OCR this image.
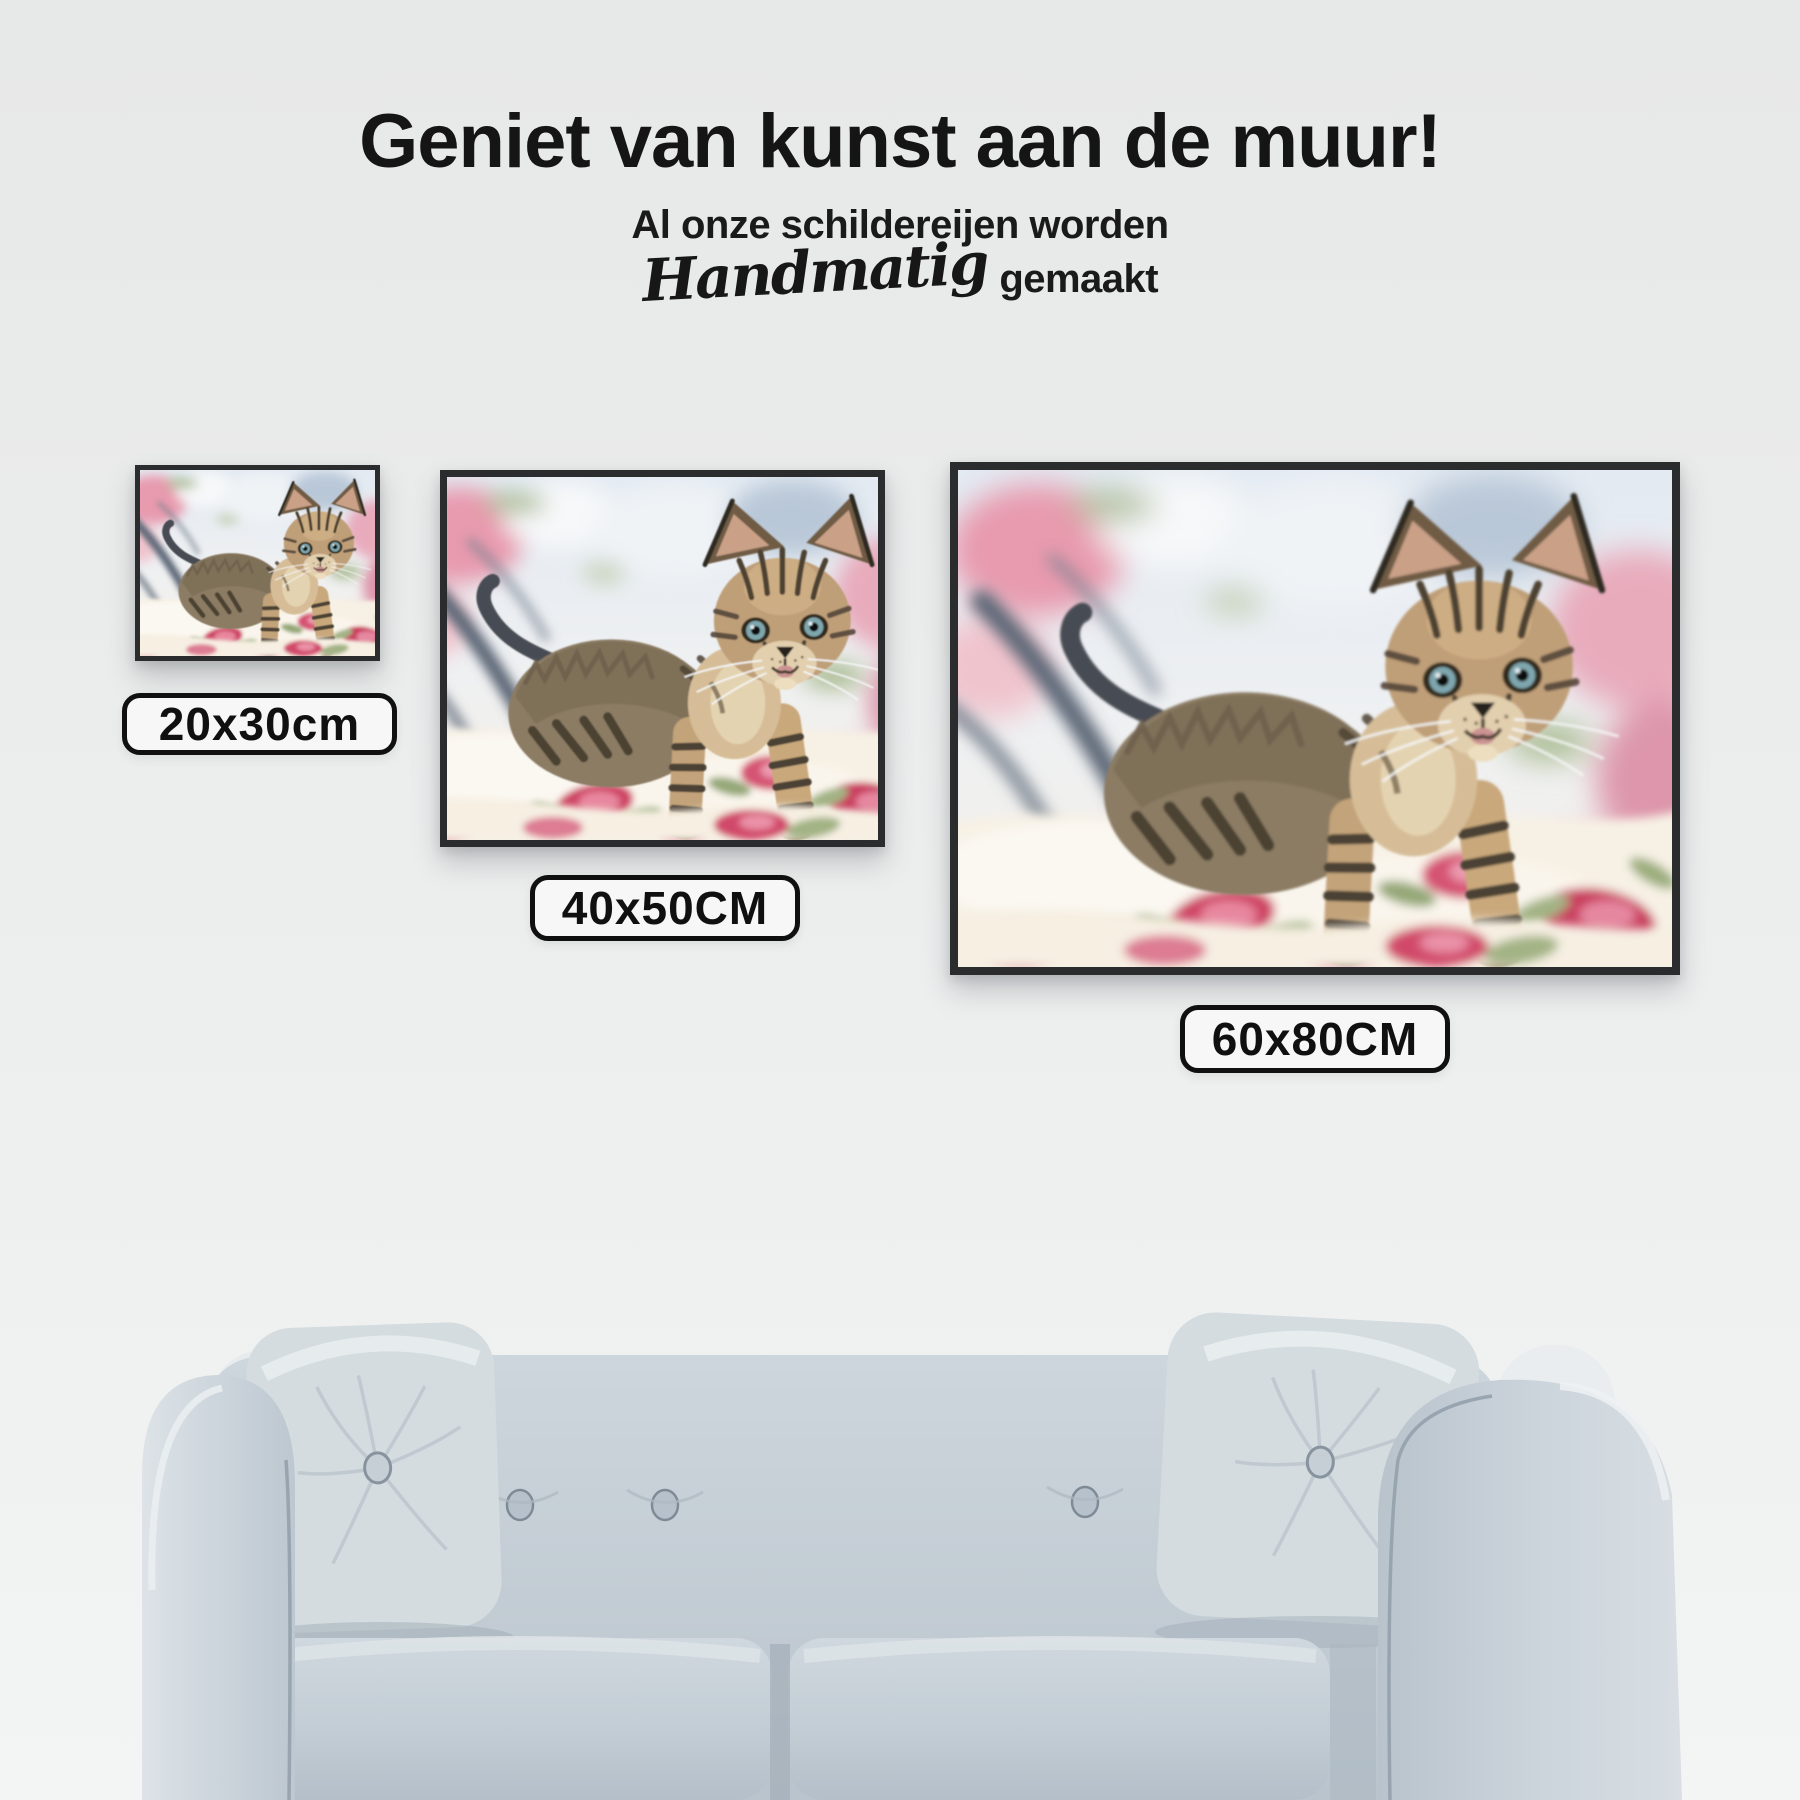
Geniet van kunst aan de muur!
Al onze schildereijen worden
Handmatig gemaakt
20x30cm
40x50CM
60x80CM
